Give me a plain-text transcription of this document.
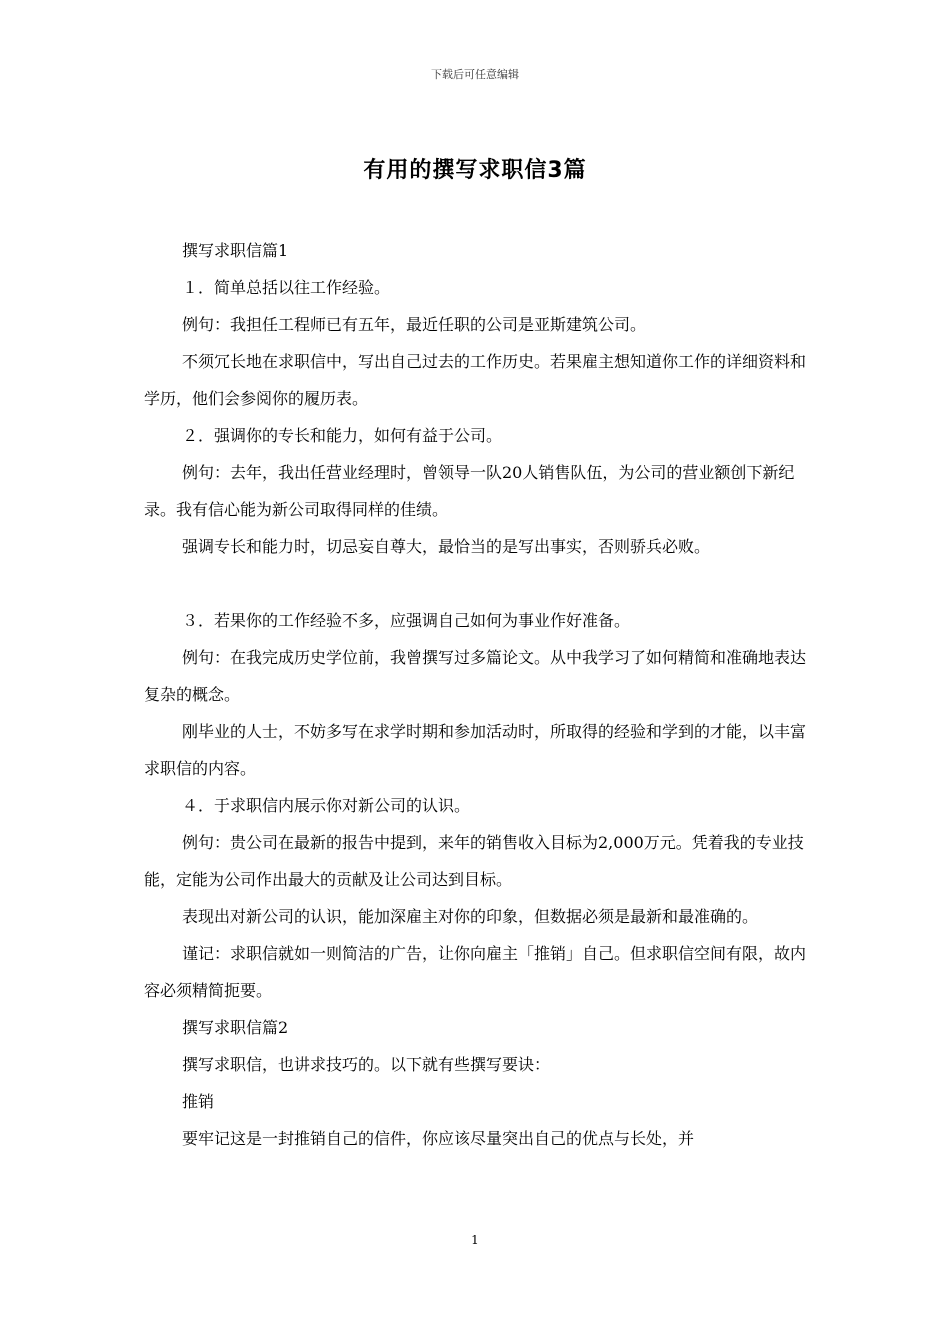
下载后可任意编辑
有用的撰写求职信3篇

撰写求职信篇1

１．简单总括以往工作经验。

例句：我担任工程师已有五年，最近任职的公司是亚斯建筑公司。

不须冗长地在求职信中，写出自己过去的工作历史。若果雇主想知道你工作的详细资料和学历，他们会参阅你的履历表。

２．强调你的专长和能力，如何有益于公司。

例句：去年，我出任营业经理时，曾领导一队20人销售队伍，为公司的营业额创下新纪录。我有信心能为新公司取得同样的佳绩。

强调专长和能力时，切忌妄自尊大，最恰当的是写出事实，否则骄兵必败。

３．若果你的工作经验不多，应强调自己如何为事业作好准备。

例句：在我完成历史学位前，我曾撰写过多篇论文。从中我学习了如何精简和准确地表达复杂的概念。

刚毕业的人士，不妨多写在求学时期和参加活动时，所取得的经验和学到的才能，以丰富求职信的内容。

４．于求职信内展示你对新公司的认识。

例句：贵公司在最新的报告中提到，来年的销售收入目标为2,000万元。凭着我的专业技能，定能为公司作出最大的贡献及让公司达到目标。

表现出对新公司的认识，能加深雇主对你的印象，但数据必须是最新和最准确的。

谨记：求职信就如一则简洁的广告，让你向雇主「推销」自己。但求职信空间有限，故内容必须精简扼要。

撰写求职信篇2

撰写求职信，也讲求技巧的。以下就有些撰写要诀：

推销

要牢记这是一封推销自己的信件，你应该尽量突出自己的优点与长处，并

1
